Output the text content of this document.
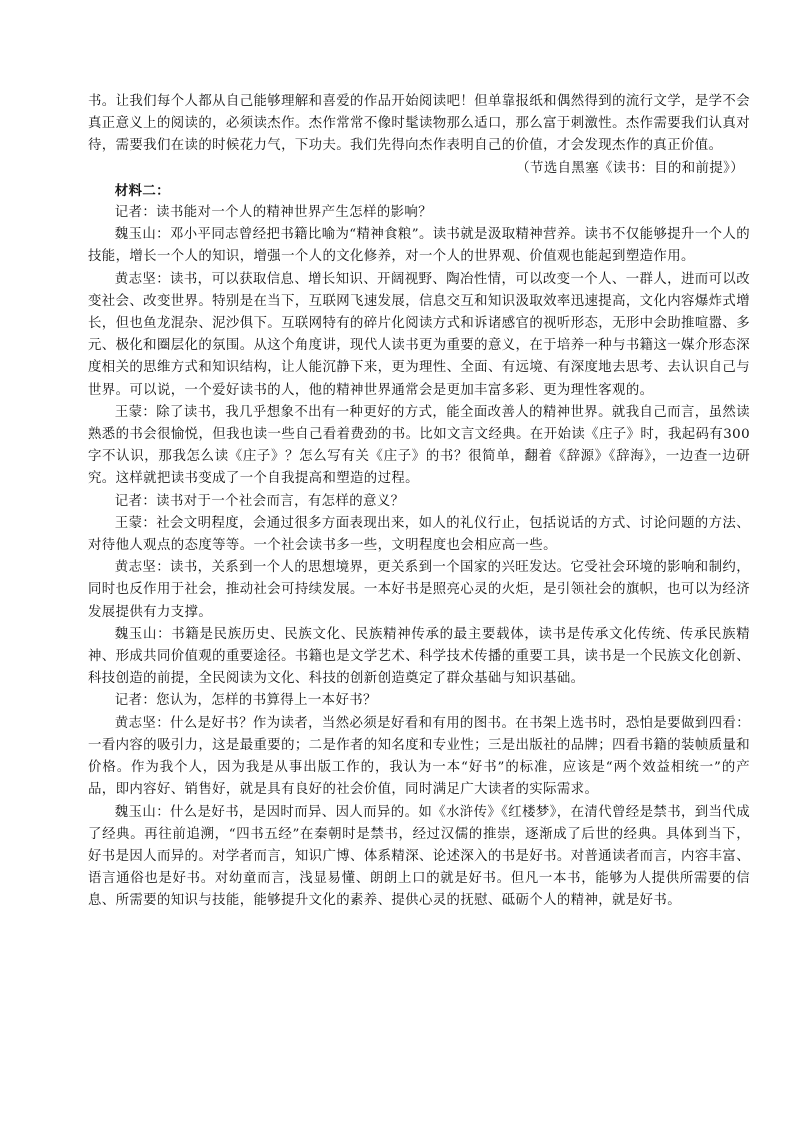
书。让我们每个人都从自己能够理解和喜爱的作品开始阅读吧！但单靠报纸和偶然得到的流行文学，是学不会真正意义上的阅读的，必须读杰作。杰作常常不像时髦读物那么适口，那么富于刺激性。杰作需要我们认真对待，需要我们在读的时候花力气，下功夫。我们先得向杰作表明自己的价值，才会发现杰作的真正价值。

（节选自黑塞《读书：目的和前提》）

材料二：

记者：读书能对一个人的精神世界产生怎样的影响？

魏玉山：邓小平同志曾经把书籍比喻为“精神食粮”。读书就是汲取精神营养。读书不仅能够提升一个人的技能，增长一个人的知识，增强一个人的文化修养，对一个人的世界观、价值观也能起到塑造作用。

黄志坚：读书，可以获取信息、增长知识、开阔视野、陶冶性情，可以改变一个人、一群人，进而可以改变社会、改变世界。特别是在当下，互联网飞速发展，信息交互和知识汲取效率迅速提高，文化内容爆炸式增长，但也鱼龙混杂、泥沙俱下。互联网特有的碎片化阅读方式和诉诸感官的视听形态，无形中会助推喧嚣、多元、极化和圈层化的氛围。从这个角度讲，现代人读书更为重要的意义，在于培养一种与书籍这一媒介形态深度相关的思维方式和知识结构，让人能沉静下来，更为理性、全面、有远境、有深度地去思考、去认识自己与世界。可以说，一个爱好读书的人，他的精神世界通常会是更加丰富多彩、更为理性客观的。

王蒙：除了读书，我几乎想象不出有一种更好的方式，能全面改善人的精神世界。就我自己而言，虽然读熟悉的书会很愉悦，但我也读一些自己看着费劲的书。比如文言文经典。在开始读《庄子》时，我起码有300字不认识，那我怎么读《庄子》？怎么写有关《庄子》的书？很简单，翻着《辞源》《辞海》，一边查一边研究。这样就把读书变成了一个自我提高和塑造的过程。

记者：读书对于一个社会而言，有怎样的意义？

王蒙：社会文明程度，会通过很多方面表现出来，如人的礼仪行止，包括说话的方式、讨论问题的方法、对待他人观点的态度等等。一个社会读书多一些，文明程度也会相应高一些。

黄志坚：读书，关系到一个人的思想境界，更关系到一个国家的兴旺发达。它受社会环境的影响和制约，同时也反作用于社会，推动社会可持续发展。一本好书是照亮心灵的火炬，是引领社会的旗帜，也可以为经济发展提供有力支撑。

魏玉山：书籍是民族历史、民族文化、民族精神传承的最主要载体，读书是传承文化传统、传承民族精神、形成共同价值观的重要途径。书籍也是文学艺术、科学技术传播的重要工具，读书是一个民族文化创新、科技创造的前提，全民阅读为文化、科技的创新创造奠定了群众基础与知识基础。

记者：您认为，怎样的书算得上一本好书？

黄志坚：什么是好书？作为读者，当然必须是好看和有用的图书。在书架上选书时，恐怕是要做到四看：一看内容的吸引力，这是最重要的；二是作者的知名度和专业性；三是出版社的品牌；四看书籍的装帧质量和价格。作为我个人，因为我是从事出版工作的，我认为一本“好书”的标准，应该是“两个效益相统一”的产品，即内容好、销售好，就是具有良好的社会价值，同时满足广大读者的实际需求。

魏玉山：什么是好书，是因时而异、因人而异的。如《水浒传》《红楼梦》，在清代曾经是禁书，到当代成了经典。再往前追溯，“四书五经”在秦朝时是禁书，经过汉儒的推崇，逐渐成了后世的经典。具体到当下，好书是因人而异的。对学者而言，知识广博、体系精深、论述深入的书是好书。对普通读者而言，内容丰富、语言通俗也是好书。对幼童而言，浅显易懂、朗朗上口的就是好书。但凡一本书，能够为人提供所需要的信息、所需要的知识与技能，能够提升文化的素养、提供心灵的抚慰、砥砺个人的精神，就是好书。
